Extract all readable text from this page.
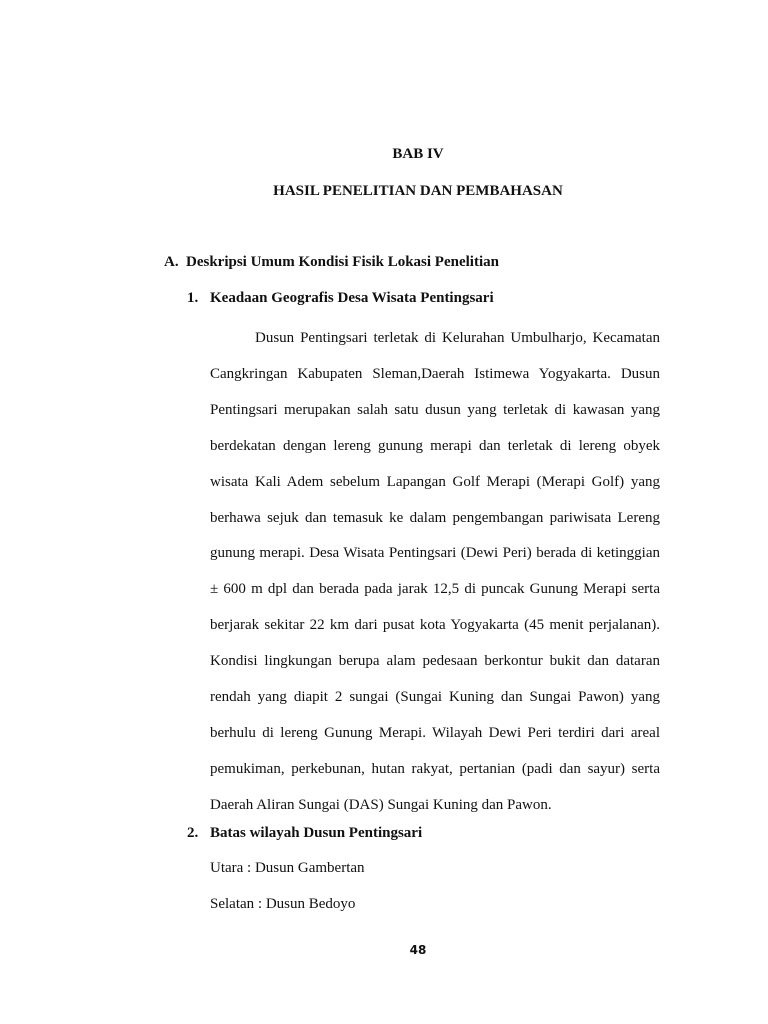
BAB IV
HASIL PENELITIAN DAN PEMBAHASAN
A. Deskripsi Umum Kondisi Fisik Lokasi Penelitian
1. Keadaan Geografis Desa Wisata Pentingsari

Dusun Pentingsari terletak di Kelurahan Umbulharjo, Kecamatan Cangkringan Kabupaten Sleman,Daerah Istimewa Yogyakarta. Dusun Pentingsari merupakan salah satu dusun yang terletak di kawasan yang berdekatan dengan lereng gunung merapi dan terletak di lereng obyek wisata Kali Adem sebelum Lapangan Golf Merapi (Merapi Golf) yang berhawa sejuk dan temasuk ke dalam pengembangan pariwisata Lereng gunung merapi. Desa Wisata Pentingsari (Dewi Peri) berada di ketinggian ± 600 m dpl dan berada pada jarak 12,5 di puncak Gunung Merapi serta berjarak sekitar 22 km dari pusat kota Yogyakarta (45 menit perjalanan). Kondisi lingkungan berupa alam pedesaan berkontur bukit dan dataran rendah yang diapit 2 sungai (Sungai Kuning dan Sungai Pawon) yang berhulu di lereng Gunung Merapi. Wilayah Dewi Peri terdiri dari areal pemukiman, perkebunan, hutan rakyat, pertanian (padi dan sayur) serta Daerah Aliran Sungai (DAS) Sungai Kuning dan Pawon.

2. Batas wilayah Dusun Pentingsari
Utara : Dusun Gambertan
Selatan : Dusun Bedoyo
48
